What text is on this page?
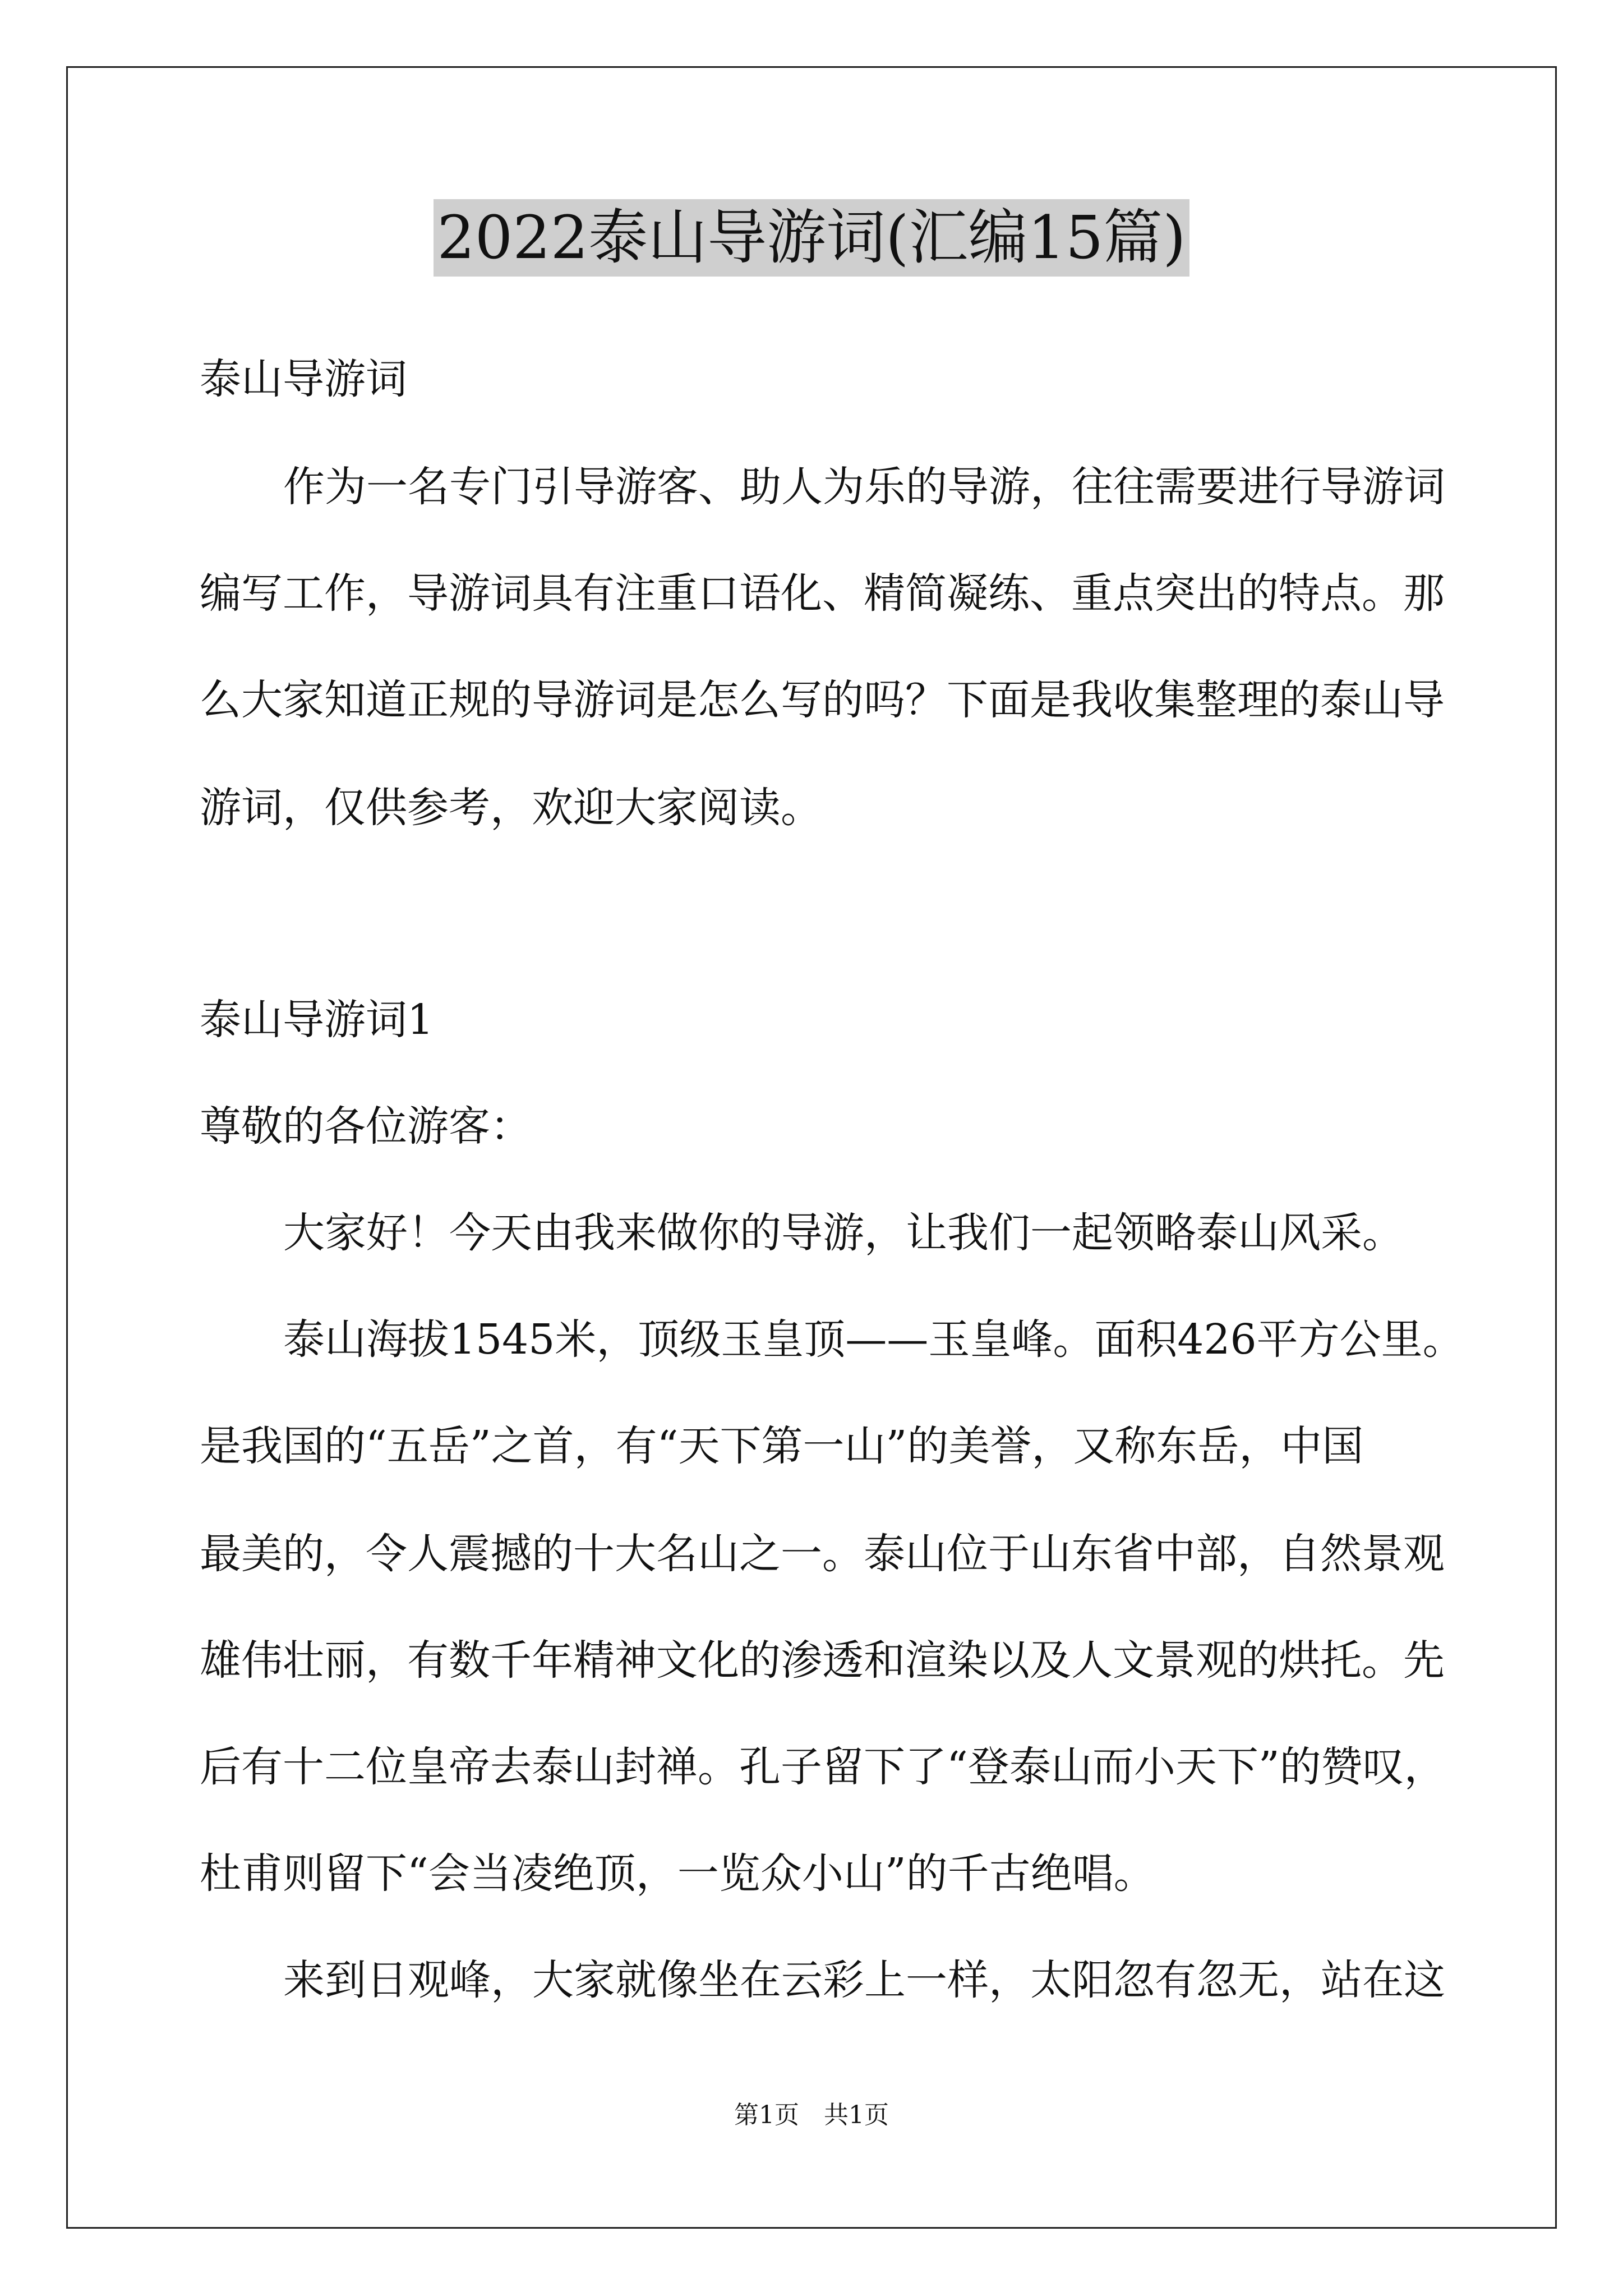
2022泰山导游词(汇编15篇)
泰山导游词
作为一名专门引导游客、助人为乐的导游，往往需要进行导游词
编写工作，导游词具有注重口语化、精简凝练、重点突出的特点。那
么大家知道正规的导游词是怎么写的吗？下面是我收集整理的泰山导
游词，仅供参考，欢迎大家阅读。
泰山导游词1
尊敬的各位游客：
大家好！今天由我来做你的导游，让我们一起领略泰山风采。
泰山海拔1545米，顶级玉皇顶——玉皇峰。面积426平方公里。
是我国的“五岳”之首，有“天下第一山”的美誉，又称东岳，中国
最美的，令人震撼的十大名山之一。泰山位于山东省中部，自然景观
雄伟壮丽，有数千年精神文化的渗透和渲染以及人文景观的烘托。先
后有十二位皇帝去泰山封禅。孔子留下了“登泰山而小天下”的赞叹，
杜甫则留下“会当凌绝顶，一览众小山”的千古绝唱。
来到日观峰，大家就像坐在云彩上一样，太阳忽有忽无，站在这
第1页　共1页
